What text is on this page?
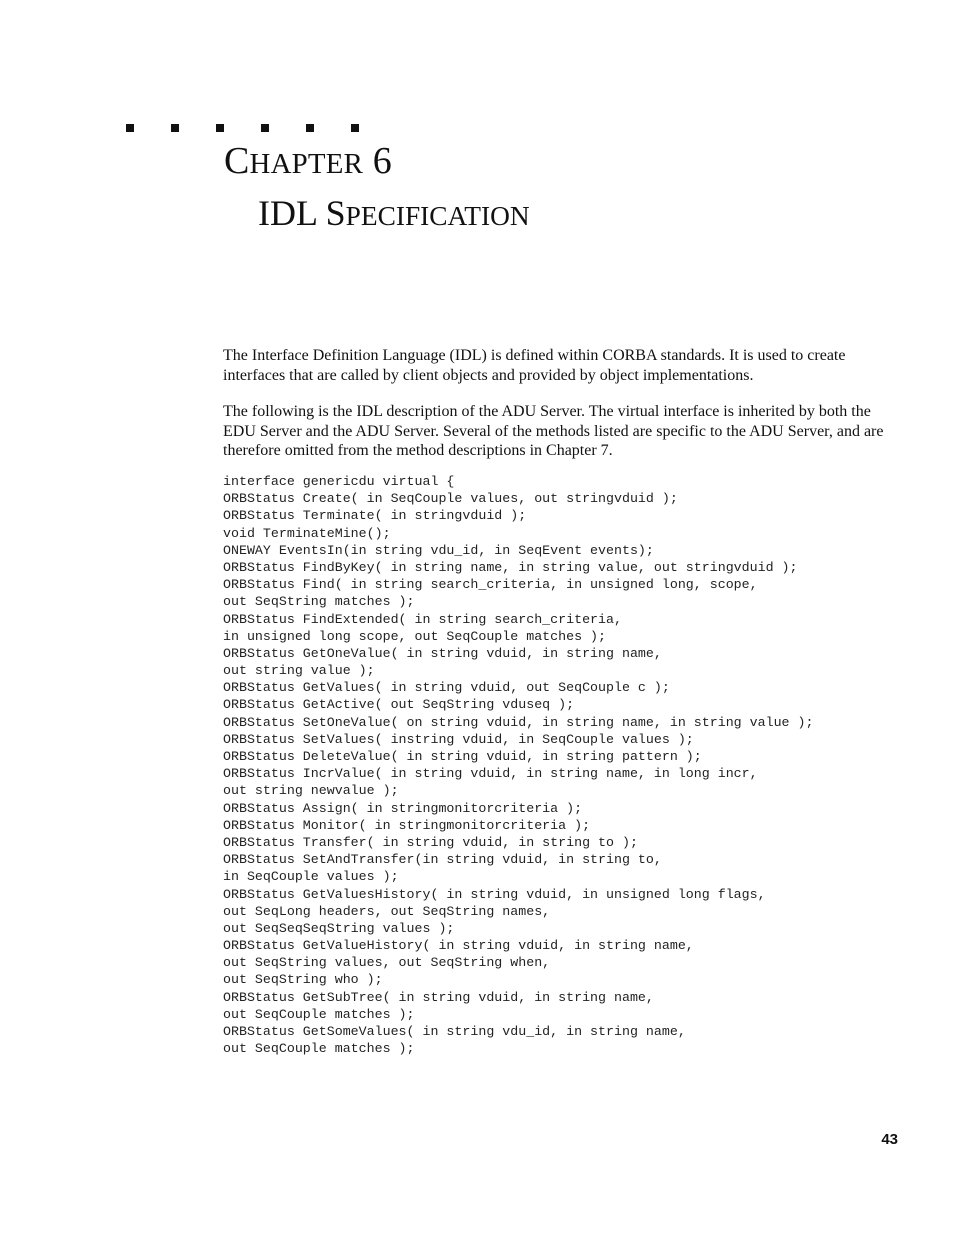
CHAPTER 6
IDL SPECIFICATION

The Interface Definition Language (IDL) is defined within CORBA standards. It is used to create interfaces that are called by client objects and provided by object implementations.

The following is the IDL description of the ADU Server. The virtual interface is inherited by both the EDU Server and the ADU Server. Several of the methods listed are specific to the ADU Server, and are therefore omitted from the method descriptions in Chapter 7.

interface genericdu virtual {
ORBStatus Create( in SeqCouple values, out stringvduid );
ORBStatus Terminate( in stringvduid );
void TerminateMine();
ONEWAY EventsIn(in string vdu_id, in SeqEvent events);
ORBStatus FindByKey( in string name, in string value, out stringvduid );
ORBStatus Find( in string search_criteria, in unsigned long, scope,
out SeqString matches );
ORBStatus FindExtended( in string search_criteria,
in unsigned long scope, out SeqCouple matches );
ORBStatus GetOneValue( in string vduid, in string name,
out string value );
ORBStatus GetValues( in string vduid, out SeqCouple c );
ORBStatus GetActive( out SeqString vduseq );
ORBStatus SetOneValue( on string vduid, in string name, in string value );
ORBStatus SetValues( instring vduid, in SeqCouple values );
ORBStatus DeleteValue( in string vduid, in string pattern );
ORBStatus IncrValue( in string vduid, in string name, in long incr,
out string newvalue );
ORBStatus Assign( in stringmonitorcriteria );
ORBStatus Monitor( in stringmonitorcriteria );
ORBStatus Transfer( in string vduid, in string to );
ORBStatus SetAndTransfer(in string vduid, in string to,
in SeqCouple values );
ORBStatus GetValuesHistory( in string vduid, in unsigned long flags,
out SeqLong headers, out SeqString names,
out SeqSeqSeqString values );
ORBStatus GetValueHistory( in string vduid, in string name,
out SeqString values, out SeqString when,
out SeqString who );
ORBStatus GetSubTree( in string vduid, in string name,
out SeqCouple matches );
ORBStatus GetSomeValues( in string vdu_id, in string name,
out SeqCouple matches );
43
